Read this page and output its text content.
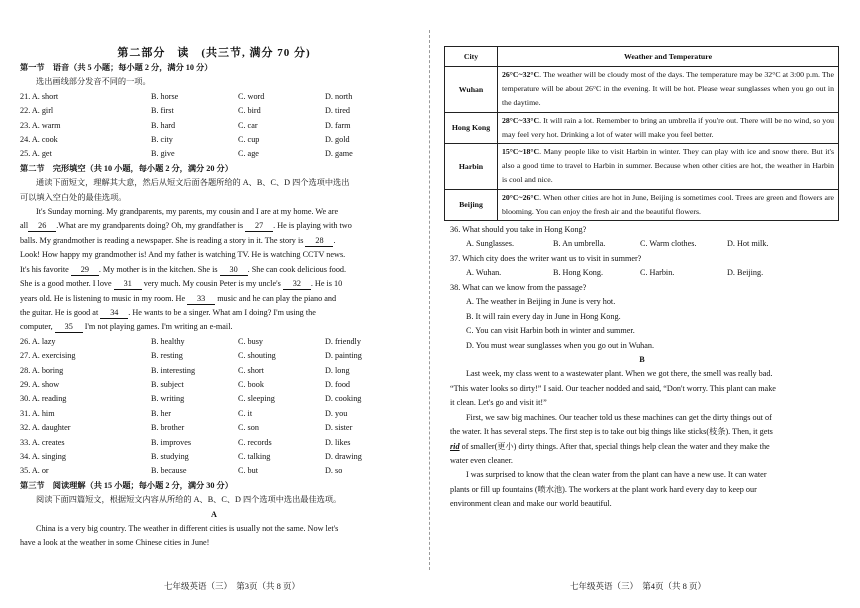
第二部分　读　(共三节, 满分 70 分)
第一节　语音（共 5 小题；每小题 2 分，满分 10 分）
选出画线部分发音不同的一项。
21. A. short	B. horse	C. word	D. north
22. A. girl	B. first	C. bird	D. tired
23. A. warm	B. hard	C. car	D. farm
24. A. cook	B. city	C. cup	D. gold
25. A. get	B. give	C. age	D. game
第二节　完形填空（共 10 小题，每小题 2 分，满分 20 分）
通读下面短文，理解其大意，然后从短文后面各题所给的 A、B、C、D 四个选项中选出
可以填入空白处的最佳选项。
It's Sunday morning. My grandparents, my parents, my cousin and I are at my home. We are
all 26 .What are my grandparents doing? Oh, my grandfather is 27 . He is playing with two
balls. My grandmother is reading a newspaper. She is reading a story in it. The story is 28 .
Look! How happy my grandmother is! And my father is watching TV. He is watching CCTV news.
It's his favorite 29 . My mother is in the kitchen. She is 30 . She can cook delicious food.
She is a good mother. I love 31 very much. My cousin Peter is my uncle's 32 . He is 10
years old. He is listening to music in my room. He 33 music and he can play the piano and
the guitar. He is good at 34 . He wants to be a singer. What am I doing? I'm using the
computer, 35 I'm not playing games. I'm writing an e-mail.
26. A. lazy	B. healthy	C. busy	D. friendly
27. A. exercising	B. resting	C. shouting	D. painting
28. A. boring	B. interesting	C. short	D. long
29. A. show	B. subject	C. book	D. food
30. A. reading	B. writing	C. sleeping	D. cooking
31. A. him	B. her	C. it	D. you
32. A. daughter	B. brother	C. son	D. sister
33. A. creates	B. improves	C. records	D. likes
34. A. singing	B. studying	C. talking	D. drawing
35. A. or	B. because	C. but	D. so
第三节　阅读理解（共 15 小题；每小题 2 分，满分 30 分）
阅读下面四篇短文，根据短文内容从所给的 A、B、C、D 四个选项中选出最佳选项。
A
China is a very big country. The weather in different cities is usually not the same. Now let's
have a look at the weather in some Chinese cities in June!
七年级英语（三）　第3页（共 8 页）
City	Weather and Temperature
Wuhan	26°C~32°C. The weather will be cloudy most of the days. The temperature may be 32°C at 3:00 p.m. The temperature will be about 26°C in the evening. It will be hot. Please wear sunglasses when you go out in the daytime.
Hong Kong	28°C~33°C. It will rain a lot. Remember to bring an umbrella if you're out. There will be no wind, so you may feel very hot. Drinking a lot of water will make you feel better.
Harbin	15°C~18°C. Many people like to visit Harbin in winter. They can play with ice and snow there. But it's also a good time to travel to Harbin in summer. Because when other cities are hot, the weather in Harbin is cool and nice.
Beijing	20°C~26°C. When other cities are hot in June, Beijing is sometimes cool. Trees are green and flowers are blooming. You can enjoy the fresh air and the beautiful flowers.
36. What should you take in Hong Kong?
A. Sunglasses.	B. An umbrella.	C. Warm clothes.	D. Hot milk.
37. Which city does the writer want us to visit in summer?
A. Wuhan.	B. Hong Kong.	C. Harbin.	D. Beijing.
38. What can we know from the passage?
A. The weather in Beijing in June is very hot.
B. It will rain every day in June in Hong Kong.
C. You can visit Harbin both in winter and summer.
D. You must wear sunglasses when you go out in Wuhan.
B
Last week, my class went to a wastewater plant. When we got there, the smell was really bad.
“This water looks so dirty!” I said. Our teacher nodded and said, “Don't worry. This plant can make
it clean. Let's go and visit it!”
First, we saw big machines. Our teacher told us these machines can get the dirty things out of
the water. It has several steps. The first step is to take out big things like sticks(枝条). Then, it gets
rid of smaller(更小) dirty things. After that, special things help clean the water and they make the
water even cleaner.
I was surprised to know that the clean water from the plant can have a new use. It can water
plants or fill up fountains (喷水池). The workers at the plant work hard every day to keep our
environment clean and make our world beautiful.
七年级英语（三）　第4页（共 8 页）
